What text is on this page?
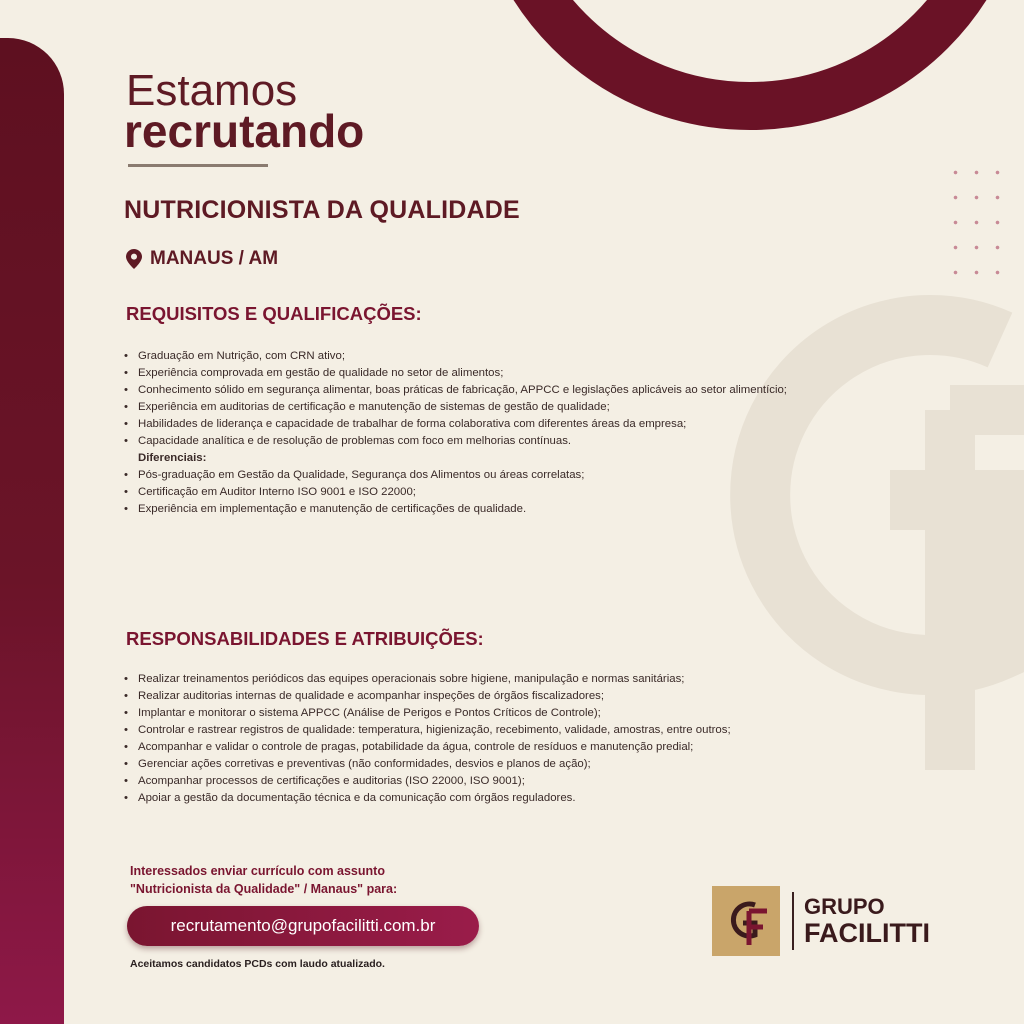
Estamos
recrutando
NUTRICIONISTA DA QUALIDADE
MANAUS / AM
REQUISITOS E QUALIFICAÇÕES:
• Graduação em Nutrição, com CRN ativo;
• Experiência comprovada em gestão de qualidade no setor de alimentos;
• Conhecimento sólido em segurança alimentar, boas práticas de fabricação, APPCC e legislações aplicáveis ao setor alimentício;
• Experiência em auditorias de certificação e manutenção de sistemas de gestão de qualidade;
• Habilidades de liderança e capacidade de trabalhar de forma colaborativa com diferentes áreas da empresa;
• Capacidade analítica e de resolução de problemas com foco em melhorias contínuas.
Diferenciais:
• Pós-graduação em Gestão da Qualidade, Segurança dos Alimentos ou áreas correlatas;
• Certificação em Auditor Interno ISO 9001 e ISO 22000;
• Experiência em implementação e manutenção de certificações de qualidade.
RESPONSABILIDADES E ATRIBUIÇÕES:
• Realizar treinamentos periódicos das equipes operacionais sobre higiene, manipulação e normas sanitárias;
• Realizar auditorias internas de qualidade e acompanhar inspeções de órgãos fiscalizadores;
• Implantar e monitorar o sistema APPCC (Análise de Perigos e Pontos Críticos de Controle);
• Controlar e rastrear registros de qualidade: temperatura, higienização, recebimento, validade, amostras, entre outros;
• Acompanhar e validar o controle de pragas, potabilidade da água, controle de resíduos e manutenção predial;
• Gerenciar ações corretivas e preventivas (não conformidades, desvios e planos de ação);
• Acompanhar processos de certificações e auditorias (ISO 22000, ISO 9001);
• Apoiar a gestão da documentação técnica e da comunicação com órgãos reguladores.
Interessados enviar currículo com assunto
"Nutricionista da Qualidade" / Manaus" para:
recrutamento@grupofacilitti.com.br
Aceitamos candidatos PCDs com laudo atualizado.
GRUPO
FACILITTI
